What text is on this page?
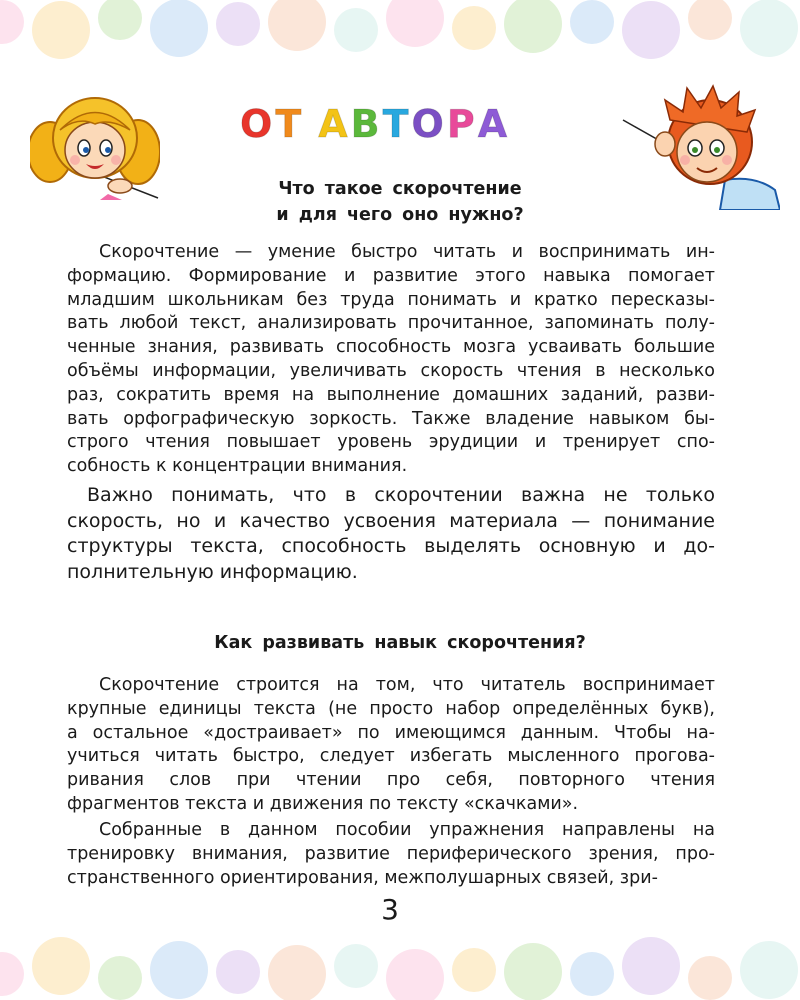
ОТ АВТОРА
Что такое скорочтение
и для чего оно нужно?
Скорочтение — умение быстро читать и воспринимать ин-
формацию. Формирование и развитие этого навыка помогает
младшим школьникам без труда понимать и кратко пересказы-
вать любой текст, анализировать прочитанное, запоминать полу-
ченные знания, развивать способность мозга усваивать большие
объёмы информации, увеличивать скорость чтения в несколько
раз, сократить время на выполнение домашних заданий, разви-
вать орфографическую зоркость. Также владение навыком бы-
строго чтения повышает уровень эрудиции и тренирует спо-
собность к концентрации внимания.
Важно понимать, что в скорочтении важна не только
скорость, но и качество усвоения материала — понимание
структуры текста, способность выделять основную и до-
полнительную информацию.
Как развивать навык скорочтения?
Скорочтение строится на том, что читатель воспринимает
крупные единицы текста (не просто набор определённых букв),
а остальное «достраивает» по имеющимся данным. Чтобы на-
учиться читать быстро, следует избегать мысленного прогова-
ривания слов при чтении про себя, повторного чтения
фрагментов текста и движения по тексту «скачками».
Собранные в данном пособии упражнения направлены на
тренировку внимания, развитие периферического зрения, про-
странственного ориентирования, межполушарных связей, зри-
3
